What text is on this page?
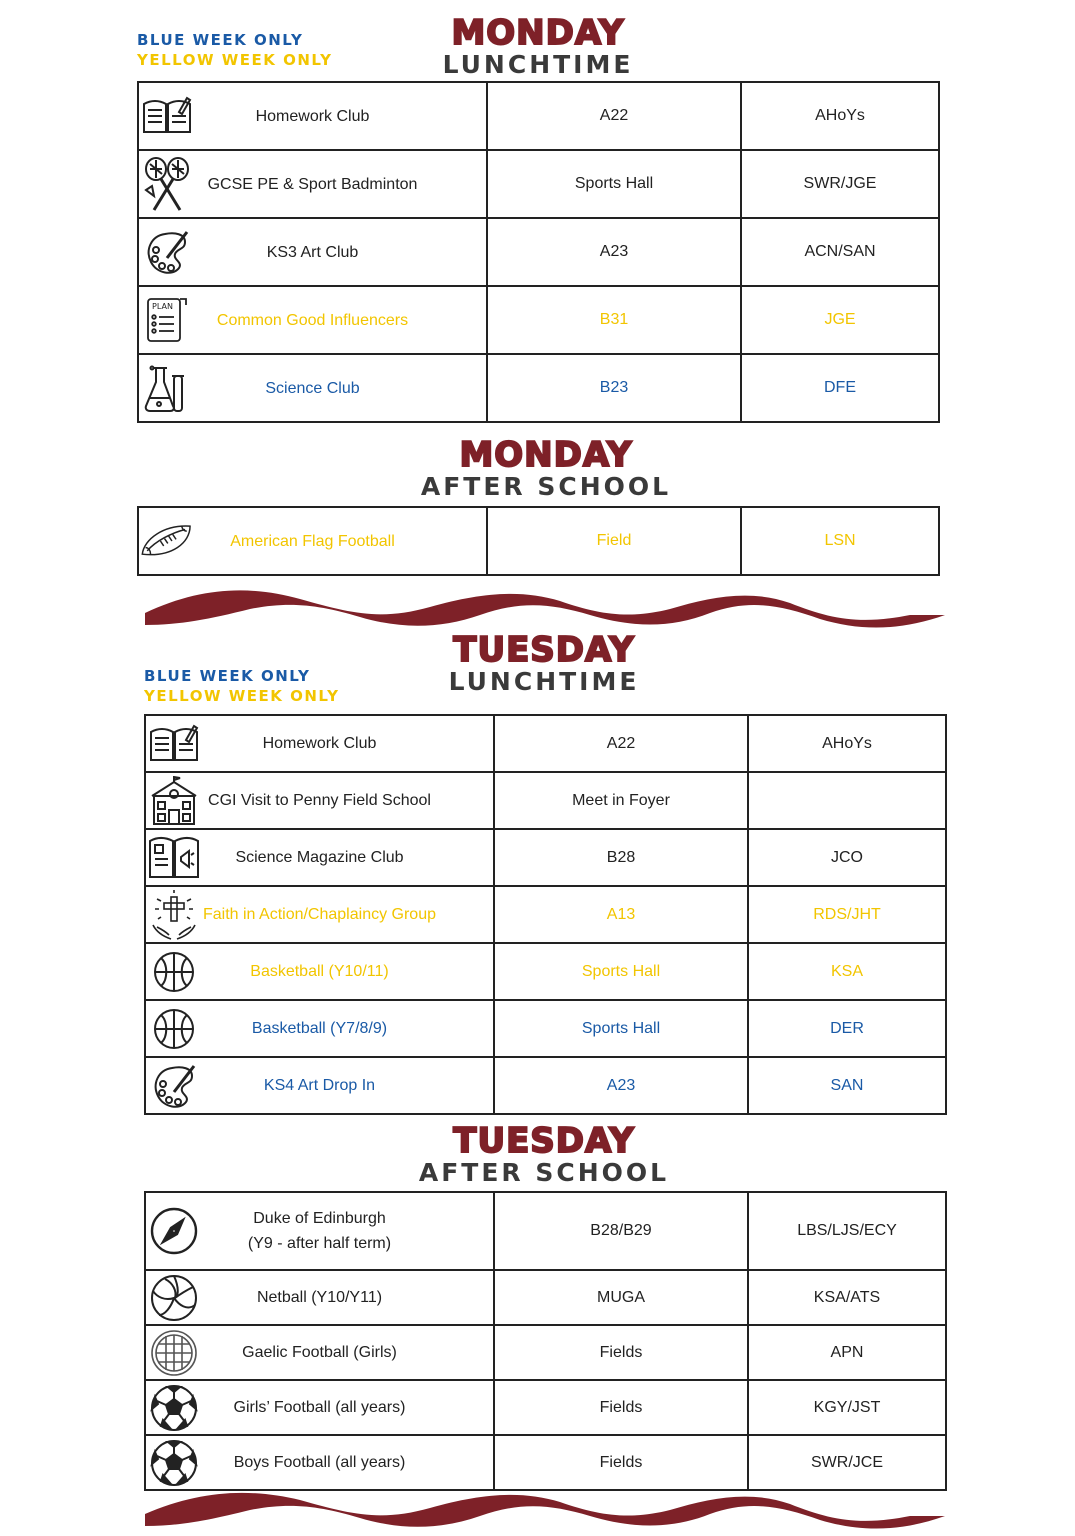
BLUE WEEK ONLY
YELLOW WEEK ONLY
MONDAY
LUNCHTIME
Homework Club	A22	AHoYs

GCSE PE & Sport Badminton	Sports Hall	SWR/JGE

KS3 Art Club	A23	ACN/SAN

PLAN
Common Good Influencers	B31	JGE

Science Club	B23	DFE
MONDAY
AFTER SCHOOL
American Flag Football	Field	LSN
BLUE WEEK ONLY
YELLOW WEEK ONLY
TUESDAY
LUNCHTIME
Homework Club	A22	AHoYs

CGI Visit to Penny Field School	Meet in Foyer	

Science Magazine Club	B28	JCO

Faith in Action/Chaplaincy Group	A13	RDS/JHT

Basketball (Y10/11)	Sports Hall	KSA

Basketball (Y7/8/9)	Sports Hall	DER

KS4 Art Drop In	A23	SAN
TUESDAY
AFTER SCHOOL
Duke of Edinburgh
(Y9 - after half term)	B28/B29	LBS/LJS/ECY

Netball (Y10/Y11)	MUGA	KSA/ATS

Gaelic Football (Girls)	Fields	APN

Girls’ Football (all years)	Fields	KGY/JST

Boys Football (all years)	Fields	SWR/JCE
